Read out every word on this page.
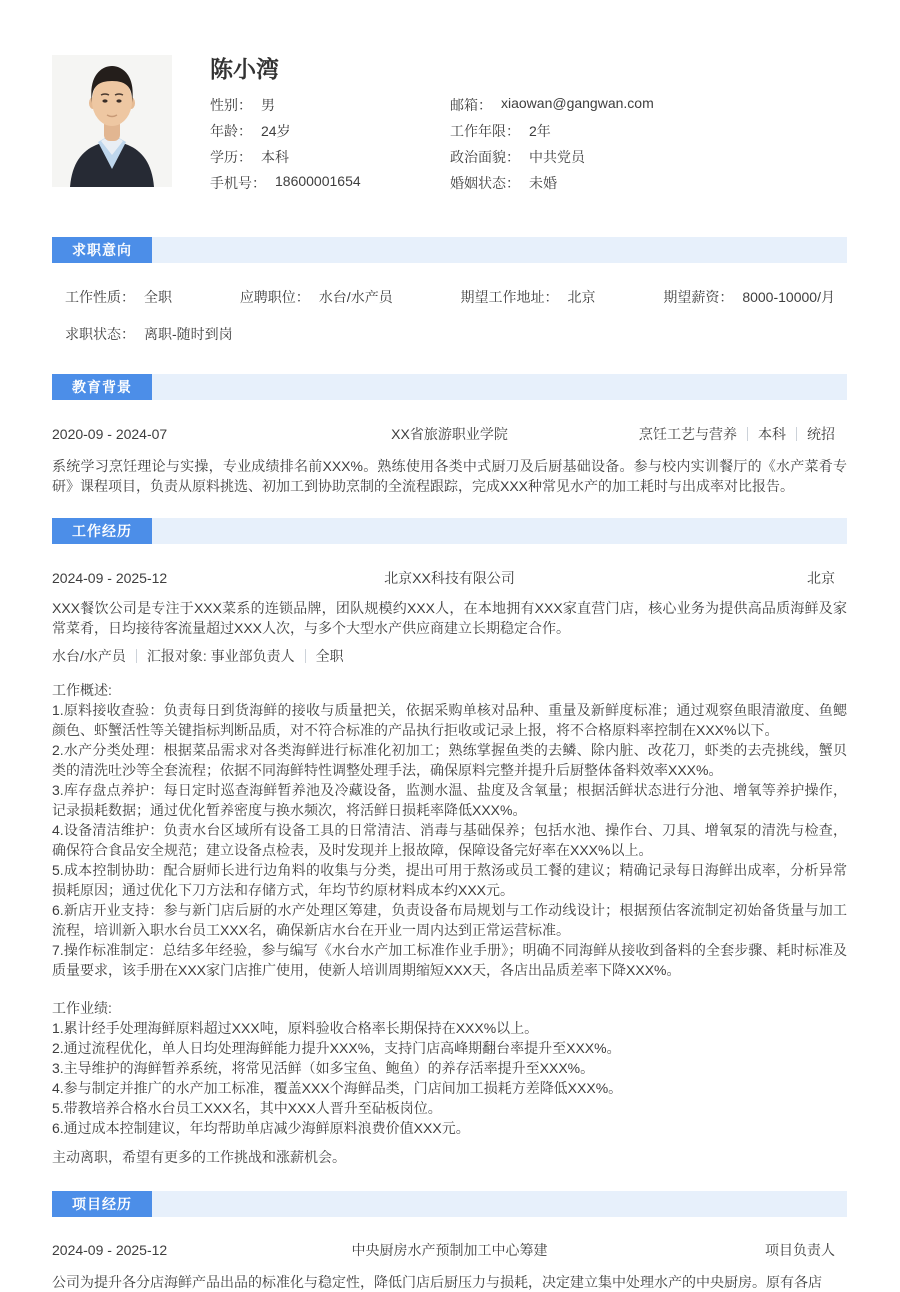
陈小湾
性别： 男	邮箱： xiaowan@gangwan.com
年龄： 24岁	工作年限： 2年
学历： 本科	政治面貌： 中共党员
手机号： 18600001654	婚姻状态： 未婚
求职意向
工作性质： 全职	应聘职位： 水台/水产员	期望工作地址： 北京	期望薪资： 8000-10000/月
求职状态： 离职-随时到岗
教育背景
2020-09 - 2024-07	XX省旅游职业学院	烹饪工艺与营养 本科 统招
系统学习烹饪理论与实操，专业成绩排名前XXX%。熟练使用各类中式厨刀及后厨基础设备。参与校内实训餐厅的《水产菜肴专研》课程项目，负责从原料挑选、初加工到协助烹制的全流程跟踪，完成XXX种常见水产的加工耗时与出成率对比报告。
工作经历
2024-09 - 2025-12	北京XX科技有限公司	北京
XXX餐饮公司是专注于XXX菜系的连锁品牌，团队规模约XXX人，在本地拥有XXX家直营门店，核心业务为提供高品质海鲜及家常菜肴，日均接待客流量超过XXX人次，与多个大型水产供应商建立长期稳定合作。
水台/水产员 汇报对象: 事业部负责人 全职
工作概述:
1.原料接收查验：负责每日到货海鲜的接收与质量把关，依据采购单核对品种、重量及新鲜度标准；通过观察鱼眼清澈度、鱼鳃颜色、虾蟹活性等关键指标判断品质，对不符合标准的产品执行拒收或记录上报，将不合格原料率控制在XXX%以下。
2.水产分类处理：根据菜品需求对各类海鲜进行标准化初加工；熟练掌握鱼类的去鳞、除内脏、改花刀，虾类的去壳挑线，蟹贝类的清洗吐沙等全套流程；依据不同海鲜特性调整处理手法，确保原料完整并提升后厨整体备料效率XXX%。
3.库存盘点养护：每日定时巡查海鲜暂养池及冷藏设备，监测水温、盐度及含氧量；根据活鲜状态进行分池、增氧等养护操作，记录损耗数据；通过优化暂养密度与换水频次，将活鲜日损耗率降低XXX%。
4.设备清洁维护：负责水台区域所有设备工具的日常清洁、消毒与基础保养；包括水池、操作台、刀具、增氧泵的清洗与检查，确保符合食品安全规范；建立设备点检表，及时发现并上报故障，保障设备完好率在XXX%以上。
5.成本控制协助：配合厨师长进行边角料的收集与分类，提出可用于熬汤或员工餐的建议；精确记录每日海鲜出成率，分析异常损耗原因；通过优化下刀方法和存储方式，年均节约原材料成本约XXX元。
6.新店开业支持：参与新门店后厨的水产处理区筹建，负责设备布局规划与工作动线设计；根据预估客流制定初始备货量与加工流程，培训新入职水台员工XXX名，确保新店水台在开业一周内达到正常运营标准。
7.操作标准制定：总结多年经验，参与编写《水台水产加工标准作业手册》；明确不同海鲜从接收到备料的全套步骤、耗时标准及质量要求，该手册在XXX家门店推广使用，使新人培训周期缩短XXX天，各店出品质差率下降XXX%。
工作业绩:
1.累计经手处理海鲜原料超过XXX吨，原料验收合格率长期保持在XXX%以上。
2.通过流程优化，单人日均处理海鲜能力提升XXX%，支持门店高峰期翻台率提升至XXX%。
3.主导维护的海鲜暂养系统，将常见活鲜（如多宝鱼、鲍鱼）的养存活率提升至XXX%。
4.参与制定并推广的水产加工标准，覆盖XXX个海鲜品类，门店间加工损耗方差降低XXX%。
5.带教培养合格水台员工XXX名，其中XXX人晋升至砧板岗位。
6.通过成本控制建议，年均帮助单店减少海鲜原料浪费价值XXX元。
主动离职，希望有更多的工作挑战和涨薪机会。
项目经历
2024-09 - 2025-12	中央厨房水产预制加工中心筹建	项目负责人
公司为提升各分店海鲜产品出品的标准化与稳定性，降低门店后厨压力与损耗，决定建立集中处理水产的中央厨房。原有各店
